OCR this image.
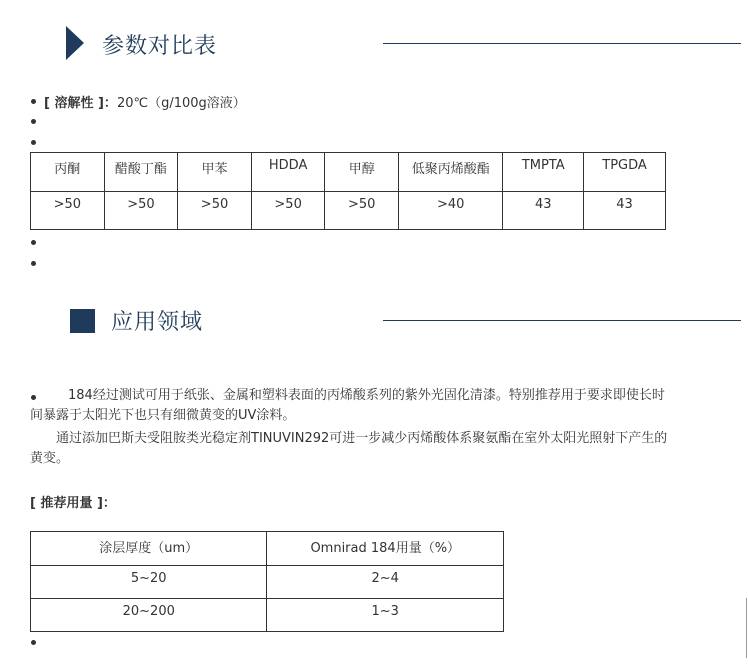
参数对比表
[ 溶解性 ]：20℃（g/100g溶液）
丙酮	醋酸丁酯	甲苯	HDDA	甲醇	低聚丙烯酸酯	TMPTA	TPGDA
>50	>50	>50	>50	>50	>40	43	43
应用领域
184经过测试可用于纸张、金属和塑料表面的丙烯酸系列的紫外光固化清漆。特别推荐用于要求即使长时间暴露于太阳光下也只有细微黄变的UV涂料。
通过添加巴斯夫受阻胺类光稳定剂TINUVIN292可进一步减少丙烯酸体系聚氨酯在室外太阳光照射下产生的黄变。
[ 推荐用量 ]：
涂层厚度（um）	Omnirad 184用量（%）
5~20	2~4
20~200	1~3
